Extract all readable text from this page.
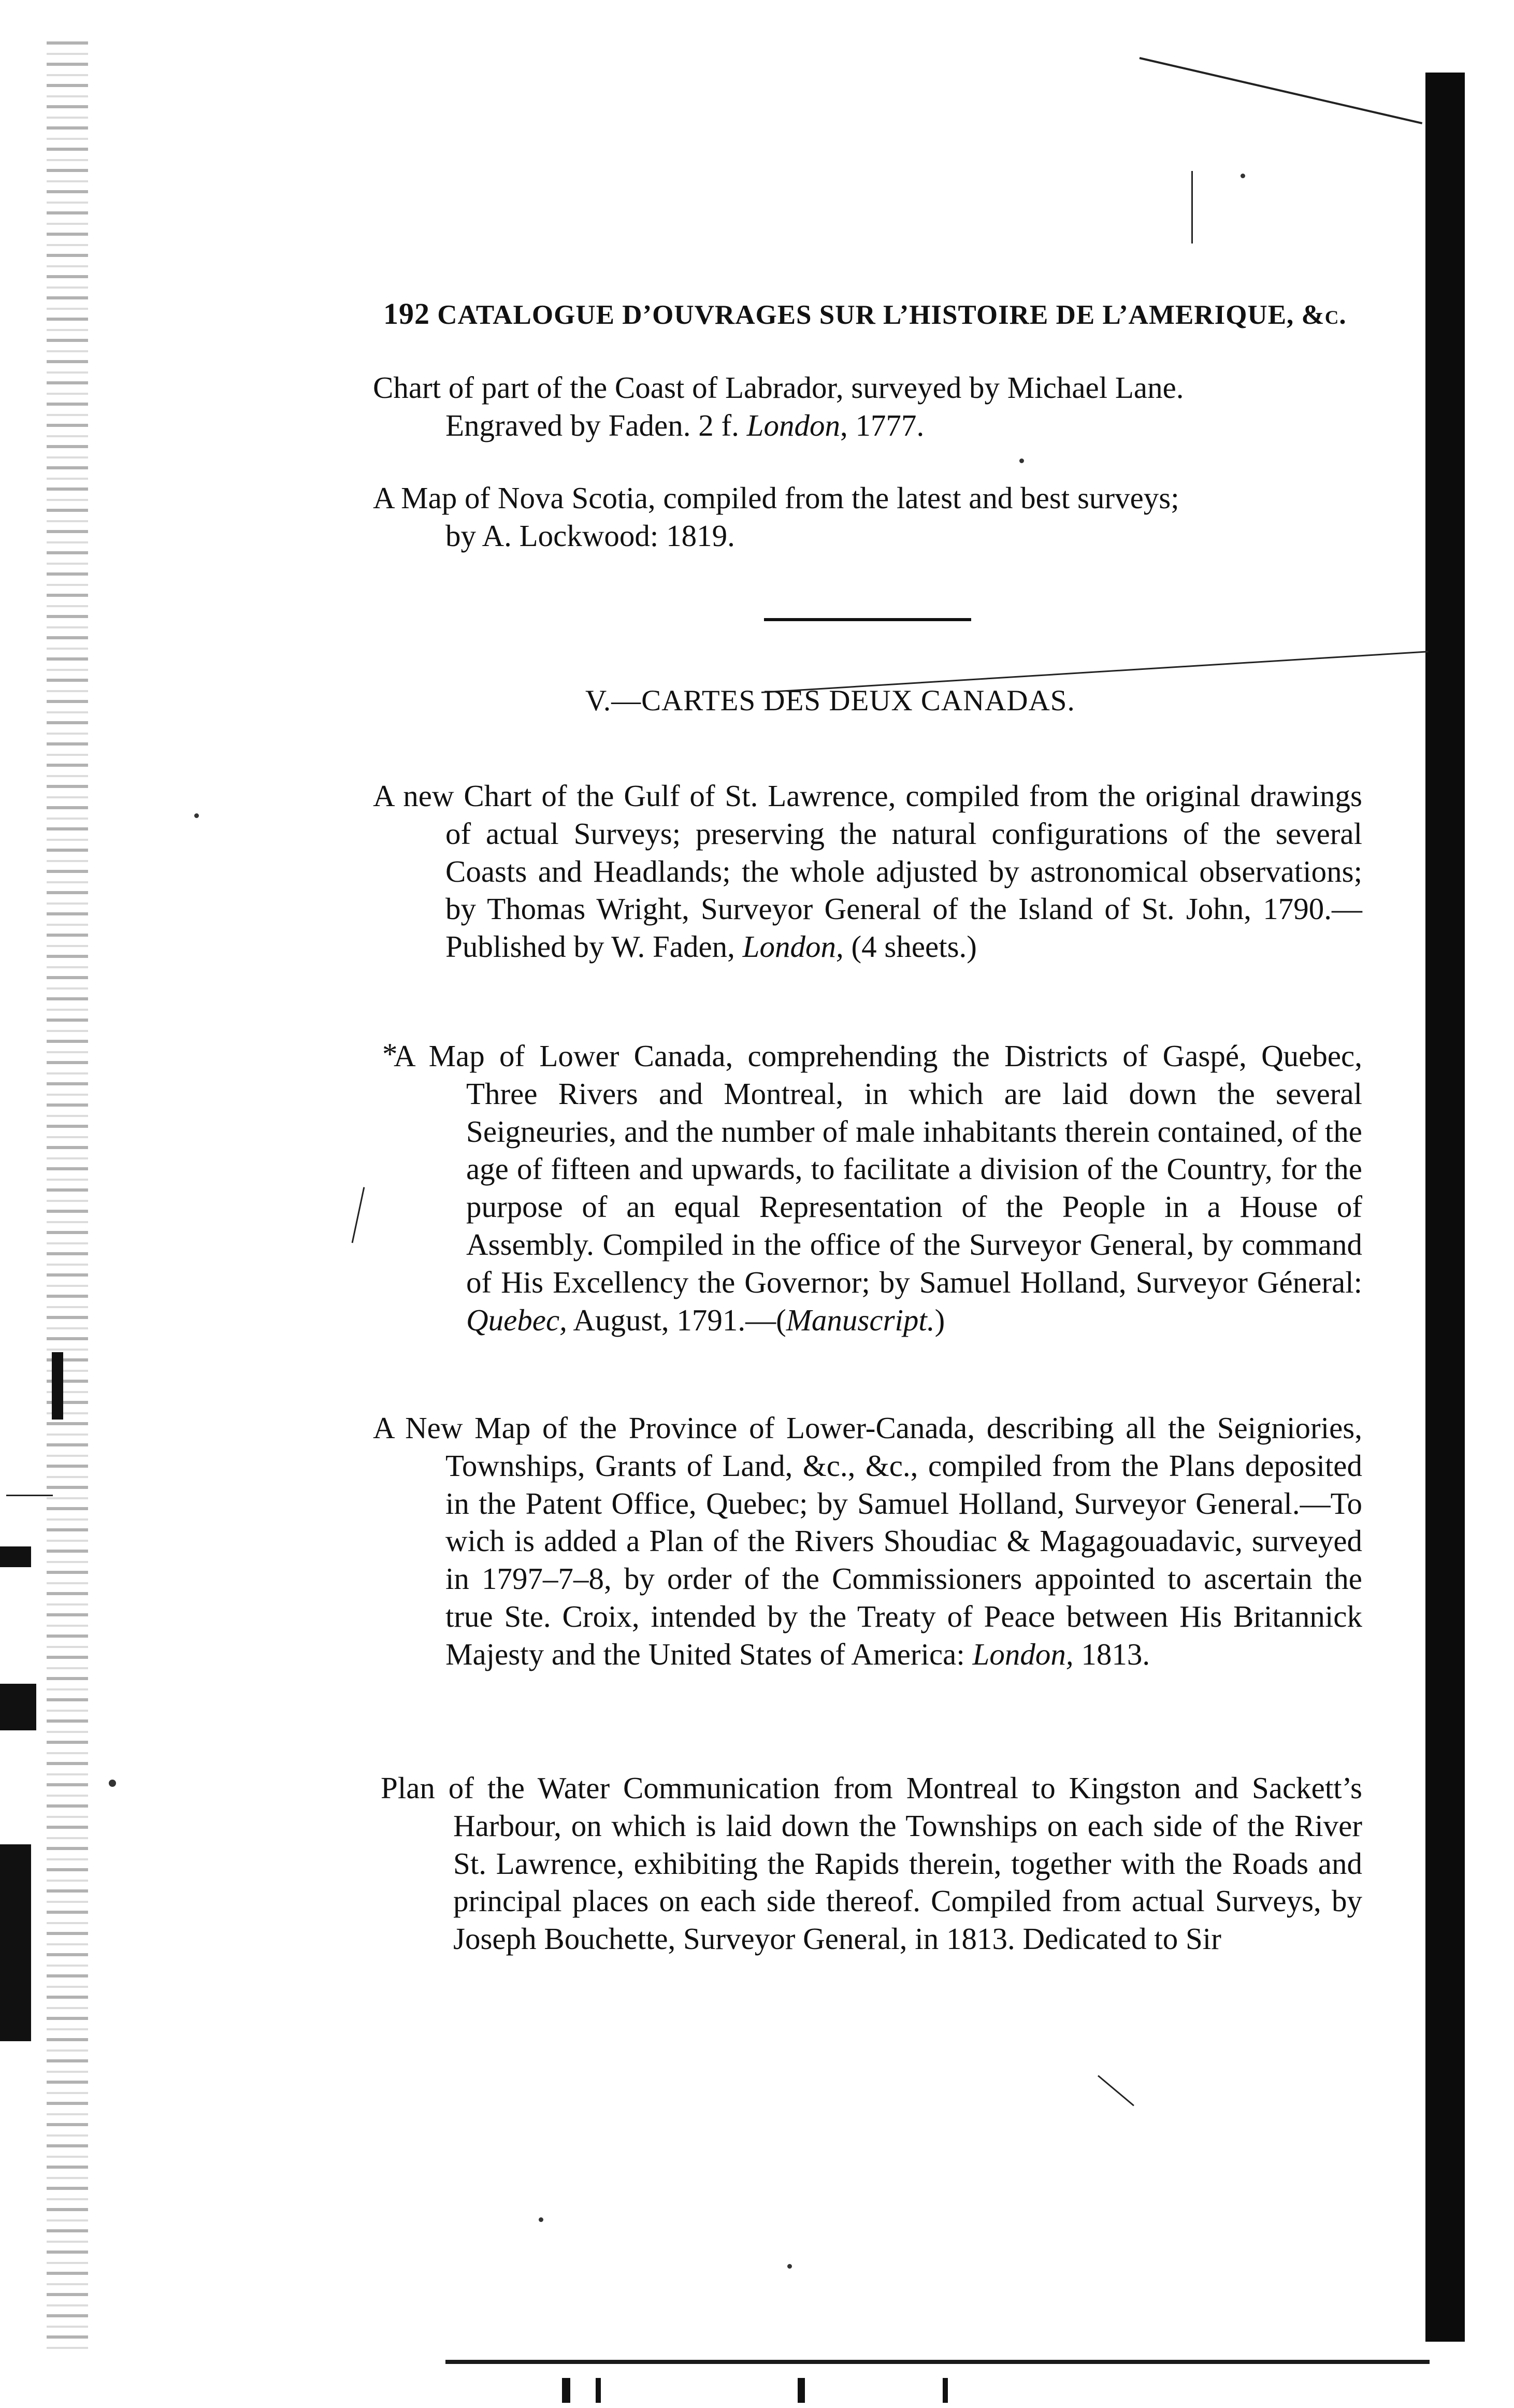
192 CATALOGUE D’OUVRAGES SUR L’HISTOIRE DE L’AMERIQUE, &c.
Chart of part of the Coast of Labrador, surveyed by Michael Lane.
Engraved by Faden. 2 f. London, 1777.
A Map of Nova Scotia, compiled from the latest and best surveys;
by A. Lockwood: 1819.
V.—CARTES DES DEUX CANADAS.
A new Chart of the Gulf of St. Lawrence, compiled from the original drawings of actual Surveys; preserving the natural configurations of the several Coasts and Headlands; the whole adjusted by astronomical observations; by Thomas Wright, Surveyor General of the Island of St. John, 1790.— Published by W. Faden, London, (4 sheets.)
*
A Map of Lower Canada, comprehending the Districts of Gaspé, Quebec, Three Rivers and Montreal, in which are laid down the several Seigneuries, and the number of male inhabitants therein contained, of the age of fifteen and upwards, to facilitate a division of the Country, for the purpose of an equal Representation of the People in a House of Assembly. Compiled in the office of the Surveyor General, by command of His Excellency the Governor; by Samuel Holland, Surveyor Géneral: Quebec, August, 1791.—(Manuscript.)
A New Map of the Province of Lower-Canada, describing all the Seigniories, Townships, Grants of Land, &c., &c., compiled from the Plans deposited in the Patent Office, Quebec; by Samuel Holland, Surveyor General.—To wich is added a Plan of the Rivers Shoudiac & Magagouadavic, surveyed in 1797–7–8, by order of the Commissioners appointed to ascertain the true Ste. Croix, intended by the Treaty of Peace between His Britannick Majesty and the United States of America: London, 1813.
Plan of the Water Communication from Montreal to Kingston and Sackett’s Harbour, on which is laid down the Townships on each side of the River St. Lawrence, exhibiting the Rapids therein, together with the Roads and principal places on each side thereof. Compiled from actual Surveys, by Joseph Bouchette, Surveyor General, in 1813. Dedicated to Sir
